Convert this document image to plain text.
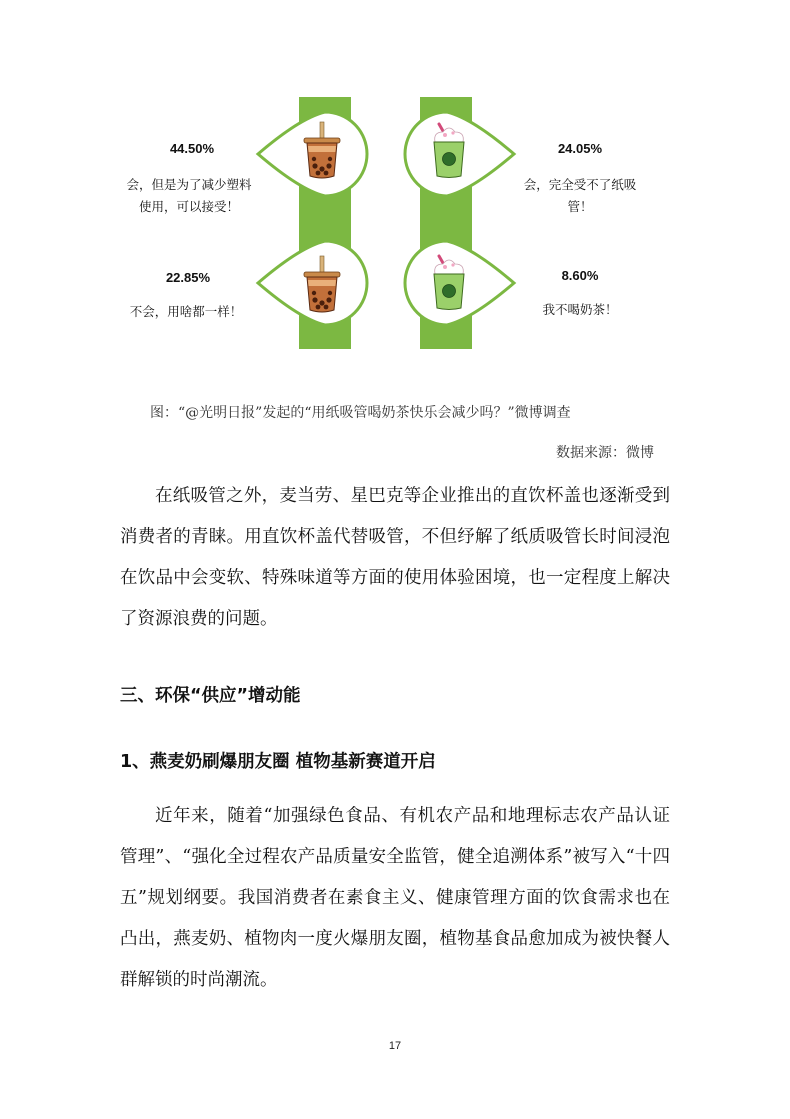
44.50%
会，但是为了减少塑料使用，可以接受！
24.05%
会，完全受不了纸吸管！
22.85%
不会，用啥都一样！
8.60%
我不喝奶茶！
图：“@光明日报”发起的“用纸吸管喝奶茶快乐会减少吗？”微博调查
数据来源：微博

在纸吸管之外，麦当劳、星巴克等企业推出的直饮杯盖也逐渐受到消费者的青睐。用直饮杯盖代替吸管，不但纾解了纸质吸管长时间浸泡在饮品中会变软、特殊味道等方面的使用体验困境，也一定程度上解决了资源浪费的问题。

三、环保“供应”增动能
1、燕麦奶刷爆朋友圈 植物基新赛道开启

近年来，随着“加强绿色食品、有机农产品和地理标志农产品认证管理”、“强化全过程农产品质量安全监管，健全追溯体系”被写入“十四五”规划纲要。我国消费者在素食主义、健康管理方面的饮食需求也在凸出，燕麦奶、植物肉一度火爆朋友圈，植物基食品愈加成为被快餐人群解锁的时尚潮流。

17
